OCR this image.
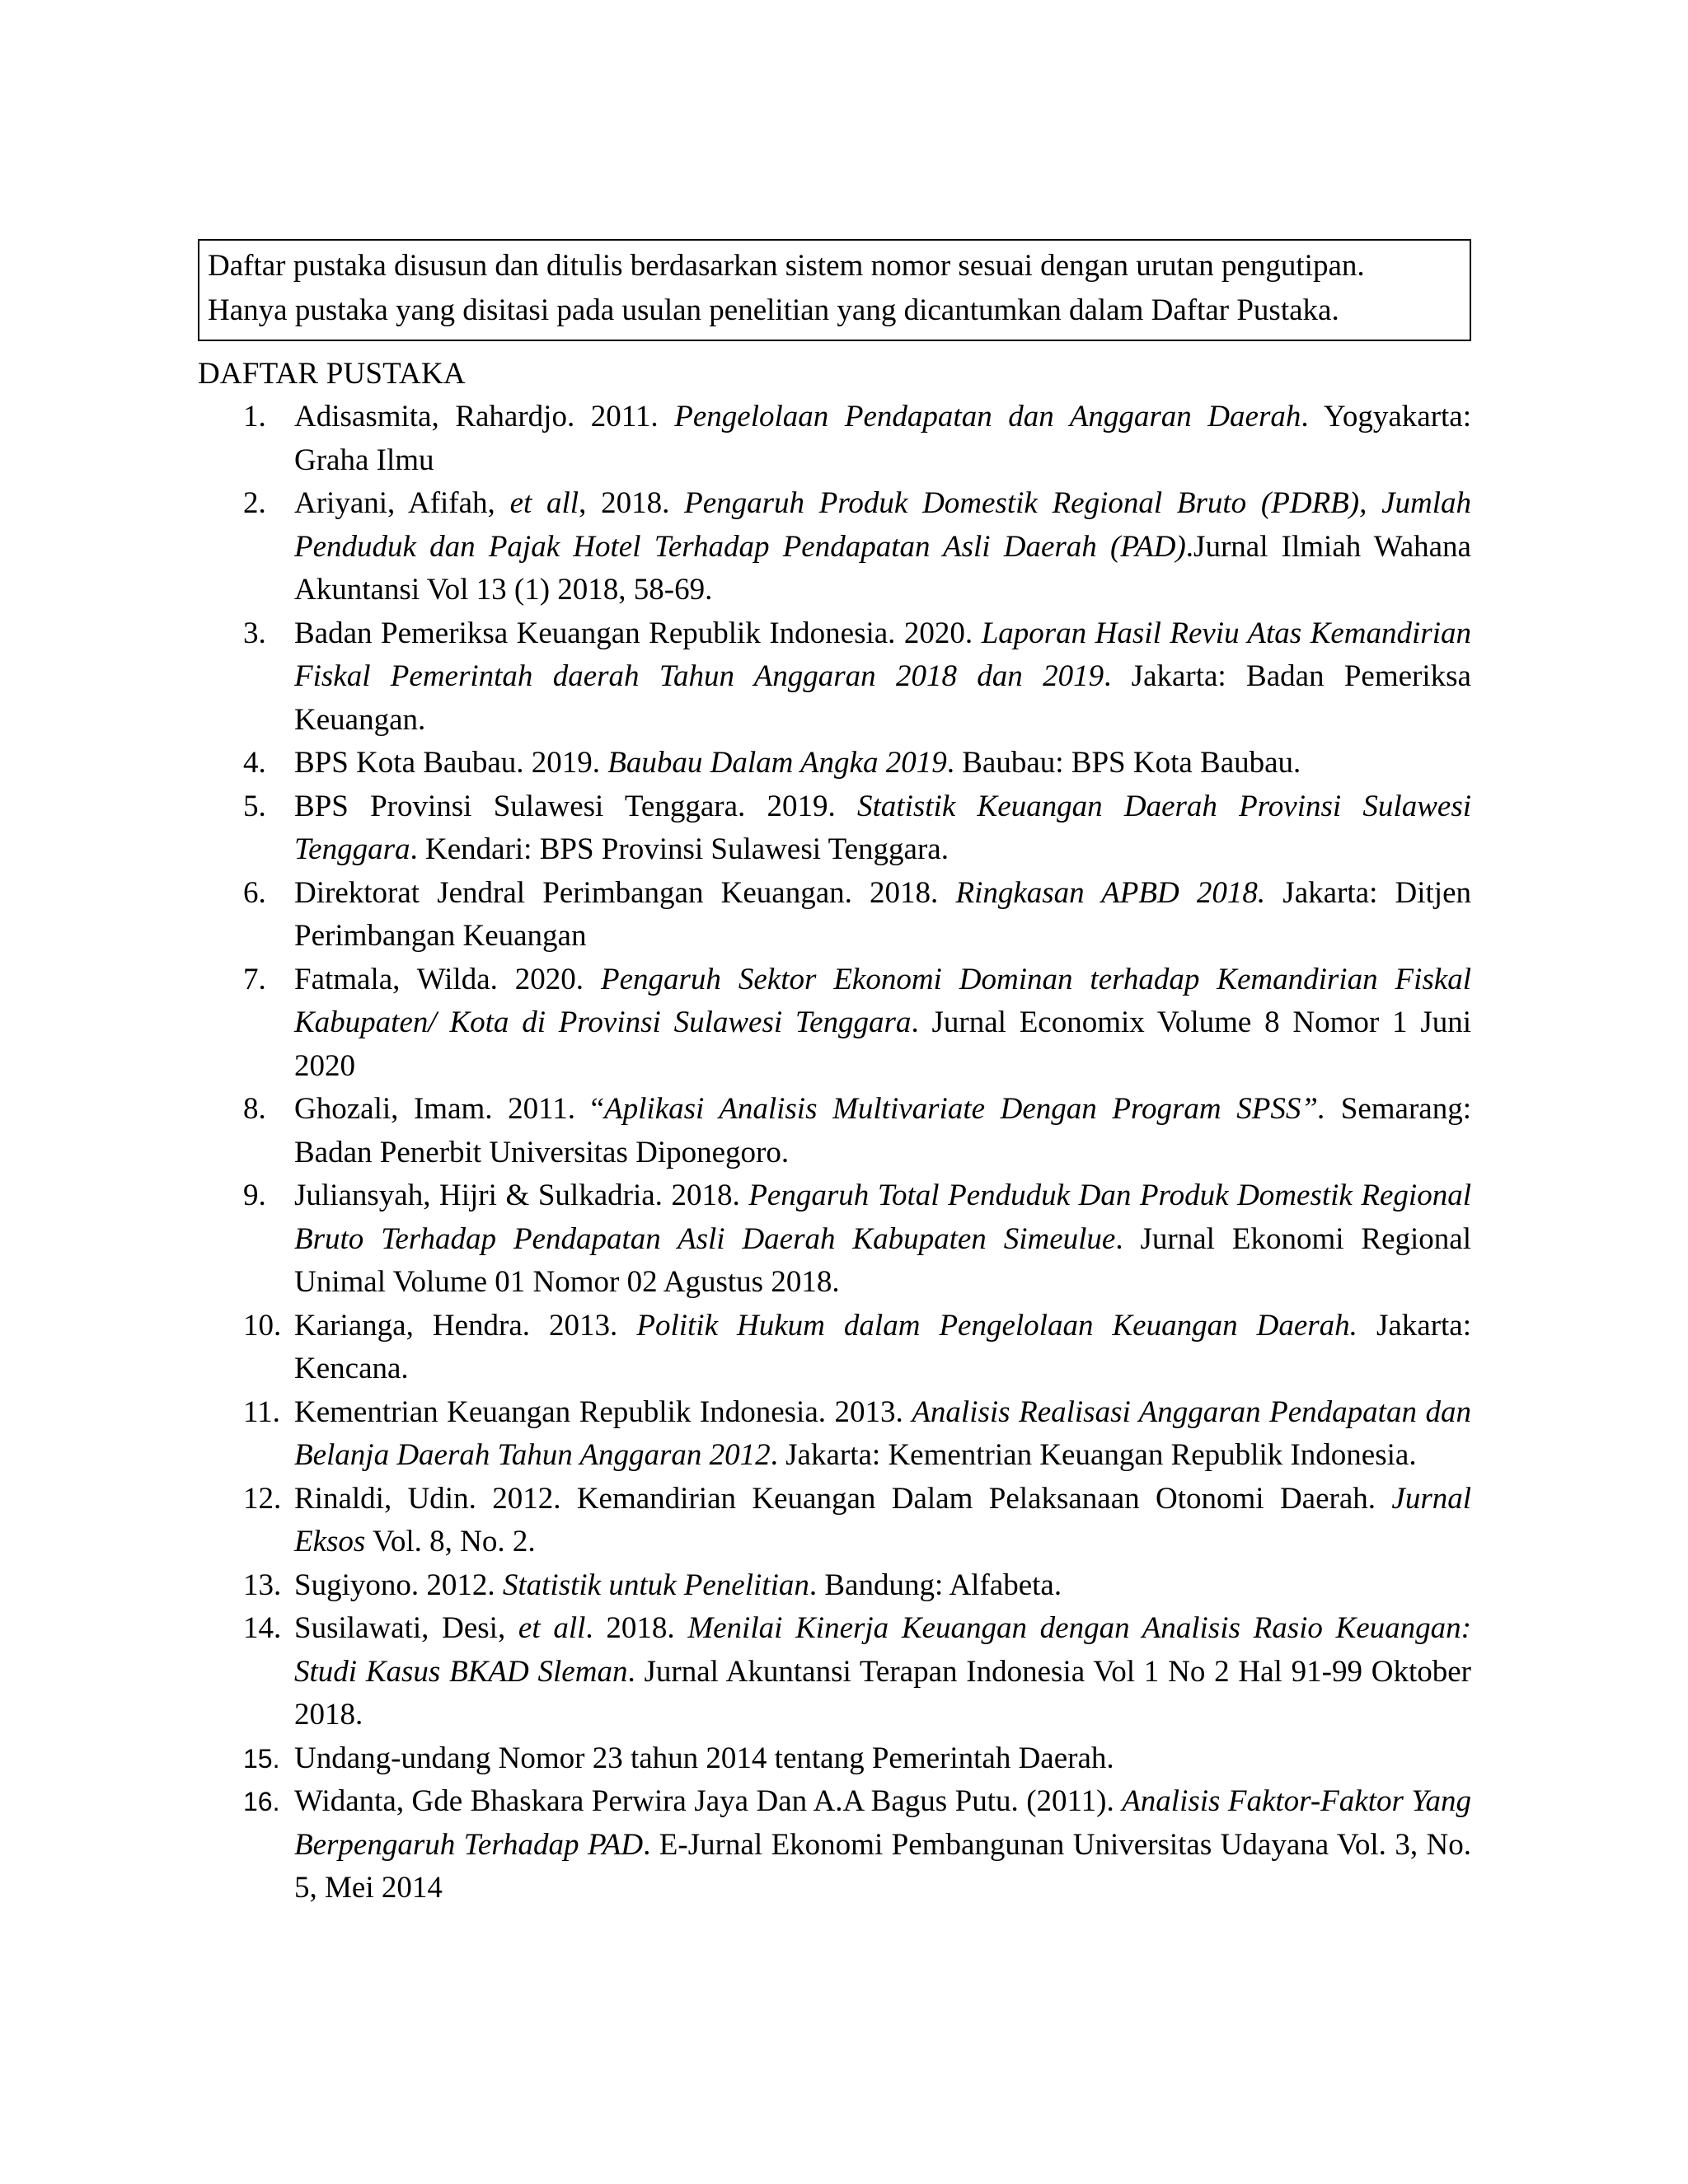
Daftar pustaka disusun dan ditulis berdasarkan sistem nomor sesuai dengan urutan pengutipan.
Hanya pustaka yang disitasi pada usulan penelitian yang dicantumkan dalam Daftar Pustaka.
DAFTAR PUSTAKA
1. Adisasmita, Rahardjo. 2011. Pengelolaan Pendapatan dan Anggaran Daerah. Yogyakarta: Graha Ilmu
2. Ariyani, Afifah, et all, 2018. Pengaruh Produk Domestik Regional Bruto (PDRB), Jumlah Penduduk dan Pajak Hotel Terhadap Pendapatan Asli Daerah (PAD).Jurnal Ilmiah Wahana Akuntansi Vol 13 (1) 2018, 58-69.
3. Badan Pemeriksa Keuangan Republik Indonesia. 2020. Laporan Hasil Reviu Atas Kemandirian Fiskal Pemerintah daerah Tahun Anggaran 2018 dan 2019. Jakarta: Badan Pemeriksa Keuangan.
4. BPS Kota Baubau. 2019. Baubau Dalam Angka 2019. Baubau: BPS Kota Baubau.
5. BPS Provinsi Sulawesi Tenggara. 2019. Statistik Keuangan Daerah Provinsi Sulawesi Tenggara. Kendari: BPS Provinsi Sulawesi Tenggara.
6. Direktorat Jendral Perimbangan Keuangan. 2018. Ringkasan APBD 2018. Jakarta: Ditjen Perimbangan Keuangan
7. Fatmala, Wilda. 2020. Pengaruh Sektor Ekonomi Dominan terhadap Kemandirian Fiskal Kabupaten/ Kota di Provinsi Sulawesi Tenggara. Jurnal Economix Volume 8 Nomor 1 Juni 2020
8. Ghozali, Imam. 2011. “Aplikasi Analisis Multivariate Dengan Program SPSS”. Semarang: Badan Penerbit Universitas Diponegoro.
9. Juliansyah, Hijri & Sulkadria. 2018. Pengaruh Total Penduduk Dan Produk Domestik Regional Bruto Terhadap Pendapatan Asli Daerah Kabupaten Simeulue. Jurnal Ekonomi Regional Unimal Volume 01 Nomor 02 Agustus 2018.
10. Karianga, Hendra. 2013. Politik Hukum dalam Pengelolaan Keuangan Daerah. Jakarta: Kencana.
11. Kementrian Keuangan Republik Indonesia. 2013. Analisis Realisasi Anggaran Pendapatan dan Belanja Daerah Tahun Anggaran 2012. Jakarta: Kementrian Keuangan Republik Indonesia.
12. Rinaldi, Udin. 2012. Kemandirian Keuangan Dalam Pelaksanaan Otonomi Daerah. Jurnal Eksos Vol. 8, No. 2.
13. Sugiyono. 2012. Statistik untuk Penelitian. Bandung: Alfabeta.
14. Susilawati, Desi, et all. 2018. Menilai Kinerja Keuangan dengan Analisis Rasio Keuangan: Studi Kasus BKAD Sleman. Jurnal Akuntansi Terapan Indonesia Vol 1 No 2 Hal 91-99 Oktober 2018.
15. Undang-undang Nomor 23 tahun 2014 tentang Pemerintah Daerah.
16. Widanta, Gde Bhaskara Perwira Jaya Dan A.A Bagus Putu. (2011). Analisis Faktor-Faktor Yang Berpengaruh Terhadap PAD. E-Jurnal Ekonomi Pembangunan Universitas Udayana Vol. 3, No. 5, Mei 2014
